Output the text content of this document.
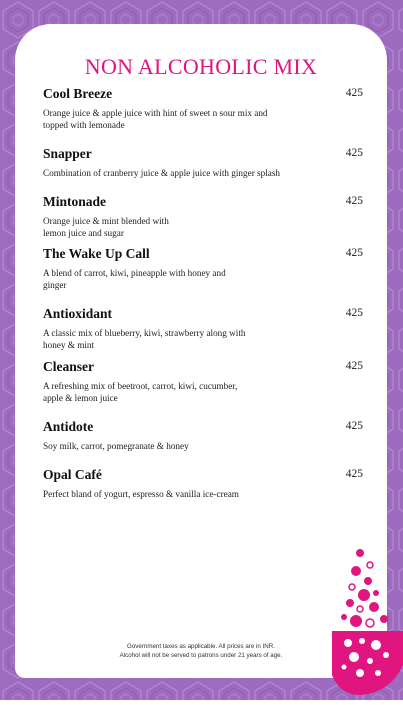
NON ALCOHOLIC MIX
Cool Breeze	425
Orange juice & apple juice with hint of sweet n sour mix and topped with lemonade
Snapper	425
Combination of cranberry juice & apple juice with ginger splash
Mintonade	425
Orange juice & mint blended with lemon juice and sugar
The Wake Up Call	425
A blend of carrot, kiwi, pineapple with honey and ginger
Antioxidant	425
A classic mix of blueberry, kiwi, strawberry along with honey & mint
Cleanser	425
A refreshing mix of beetroot, carrot, kiwi, cucumber, apple & lemon juice
Antidote	425
Soy milk, carrot, pomegranate & honey
Opal Café	425
Perfect bland of yogurt, espresso & vanilla ice-cream
Government taxes as applicable. All prices are in INR.
Alcohol will not be served to patrons under 21 years of age.
